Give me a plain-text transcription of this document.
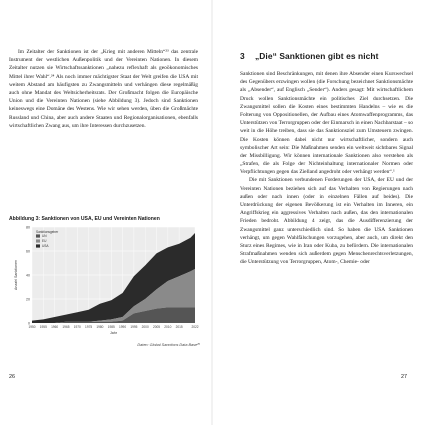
Im Zeitalter der Sanktionen ist der „Krieg mit anderen Mitteln“²³ das zentrale Instrument der westlichen Außenpolitik und der Vereinten Nationen. In diesem Zeitalter nutzen sie Wirtschaftssanktionen „nahezu reflexhaft als geoökonomisches Mittel ihrer Wahl“.²⁴ Als noch immer mächtigster Staat der Welt greifen die USA mit weitem Abstand am häufigsten zu Zwangsmitteln und verhängen diese regelmäßig auch ohne Mandat des Weltsicherheitsrats. Der Großmacht folgen die Europäische Union und die Vereinten Nationen (siehe Abbildung 3). Jedoch sind Sanktionen keineswegs eine Domäne des Westens. Wie wir sehen werden, üben die Großmächte Russland und China, aber auch andere Staaten und Regionalorganisationen, ebenfalls wirtschaftlichen Zwang aus, um ihre Interessen durchzusetzen.

Abbildung 3: Sanktionen von USA, EU und Vereinten Nationen
0
20
40
60
80
1950 1955 1960 1965 1970 1975 1980 1985 1990 1995 2000 2005 2010 2015	2022
Anzahl Sanktionen
Jahr
Sanktionsgeber
UN
EU
USA
Daten: Global Sanctions Data Base²⁵
26
3 „Die“ Sanktionen gibt es nicht

Sanktionen sind Beschränkungen, mit denen ihre Absender einen Kurswechsel des Gegenübers erzwingen wollen (die Forschung bezeichnet Sanktionsmächte als „Absender“, auf Englisch „Sender“). Anders gesagt: Mit wirtschaftlichem Druck wollen Sanktionsmächte ein politisches Ziel durchsetzen. Die Zwangsmittel sollen die Kosten eines bestimmten Handelns – wie es die Folterung von Oppositionellen, der Aufbau eines Atomwaffenprogramms, das Unterstützen von Terrorgruppen oder der Einmarsch in einen Nachbarstaat – so weit in die Höhe treiben, dass sie das Sanktionsziel zum Umsteuern zwingen. Die Kosten können dabei nicht nur wirtschaftlicher, sondern auch symbolischer Art sein: Die Maßnahmen senden ein weltweit sichtbares Signal der Missbilligung. Wir können internationale Sanktionen also verstehen als „Strafen, die als Folge der Nichteinhaltung internationaler Normen oder Verpflichtungen gegen das Zielland angedroht oder verhängt werden“.¹

Die mit Sanktionen verbundenen Forderungen der USA, der EU und der Vereinten Nationen beziehen sich auf das Verhalten von Regierungen nach außen oder nach innen (oder in einzelnen Fällen auf beides). Die Unterdrückung der eigenen Bevölkerung ist ein Verhalten im Inneren, ein Angriffskrieg ein aggressives Verhalten nach außen, das den internationalen Frieden bedroht. Abbildung 4 zeigt, das die Ausdifferenzierung der Zwangsmittel ganz unterschiedlich sind. So haben die USA Sanktionen verhängt, um gegen Wahlfälschungen vorzugehen, aber auch, um direkt den Sturz eines Regimes, wie in Iran oder Kuba, zu befördern. Die internationalen Strafmaßnahmen wenden sich außerdem gegen Menschenrechtsverletzungen, die Unterstützung von Terrorgruppen, Atom-, Chemie- oder

27
